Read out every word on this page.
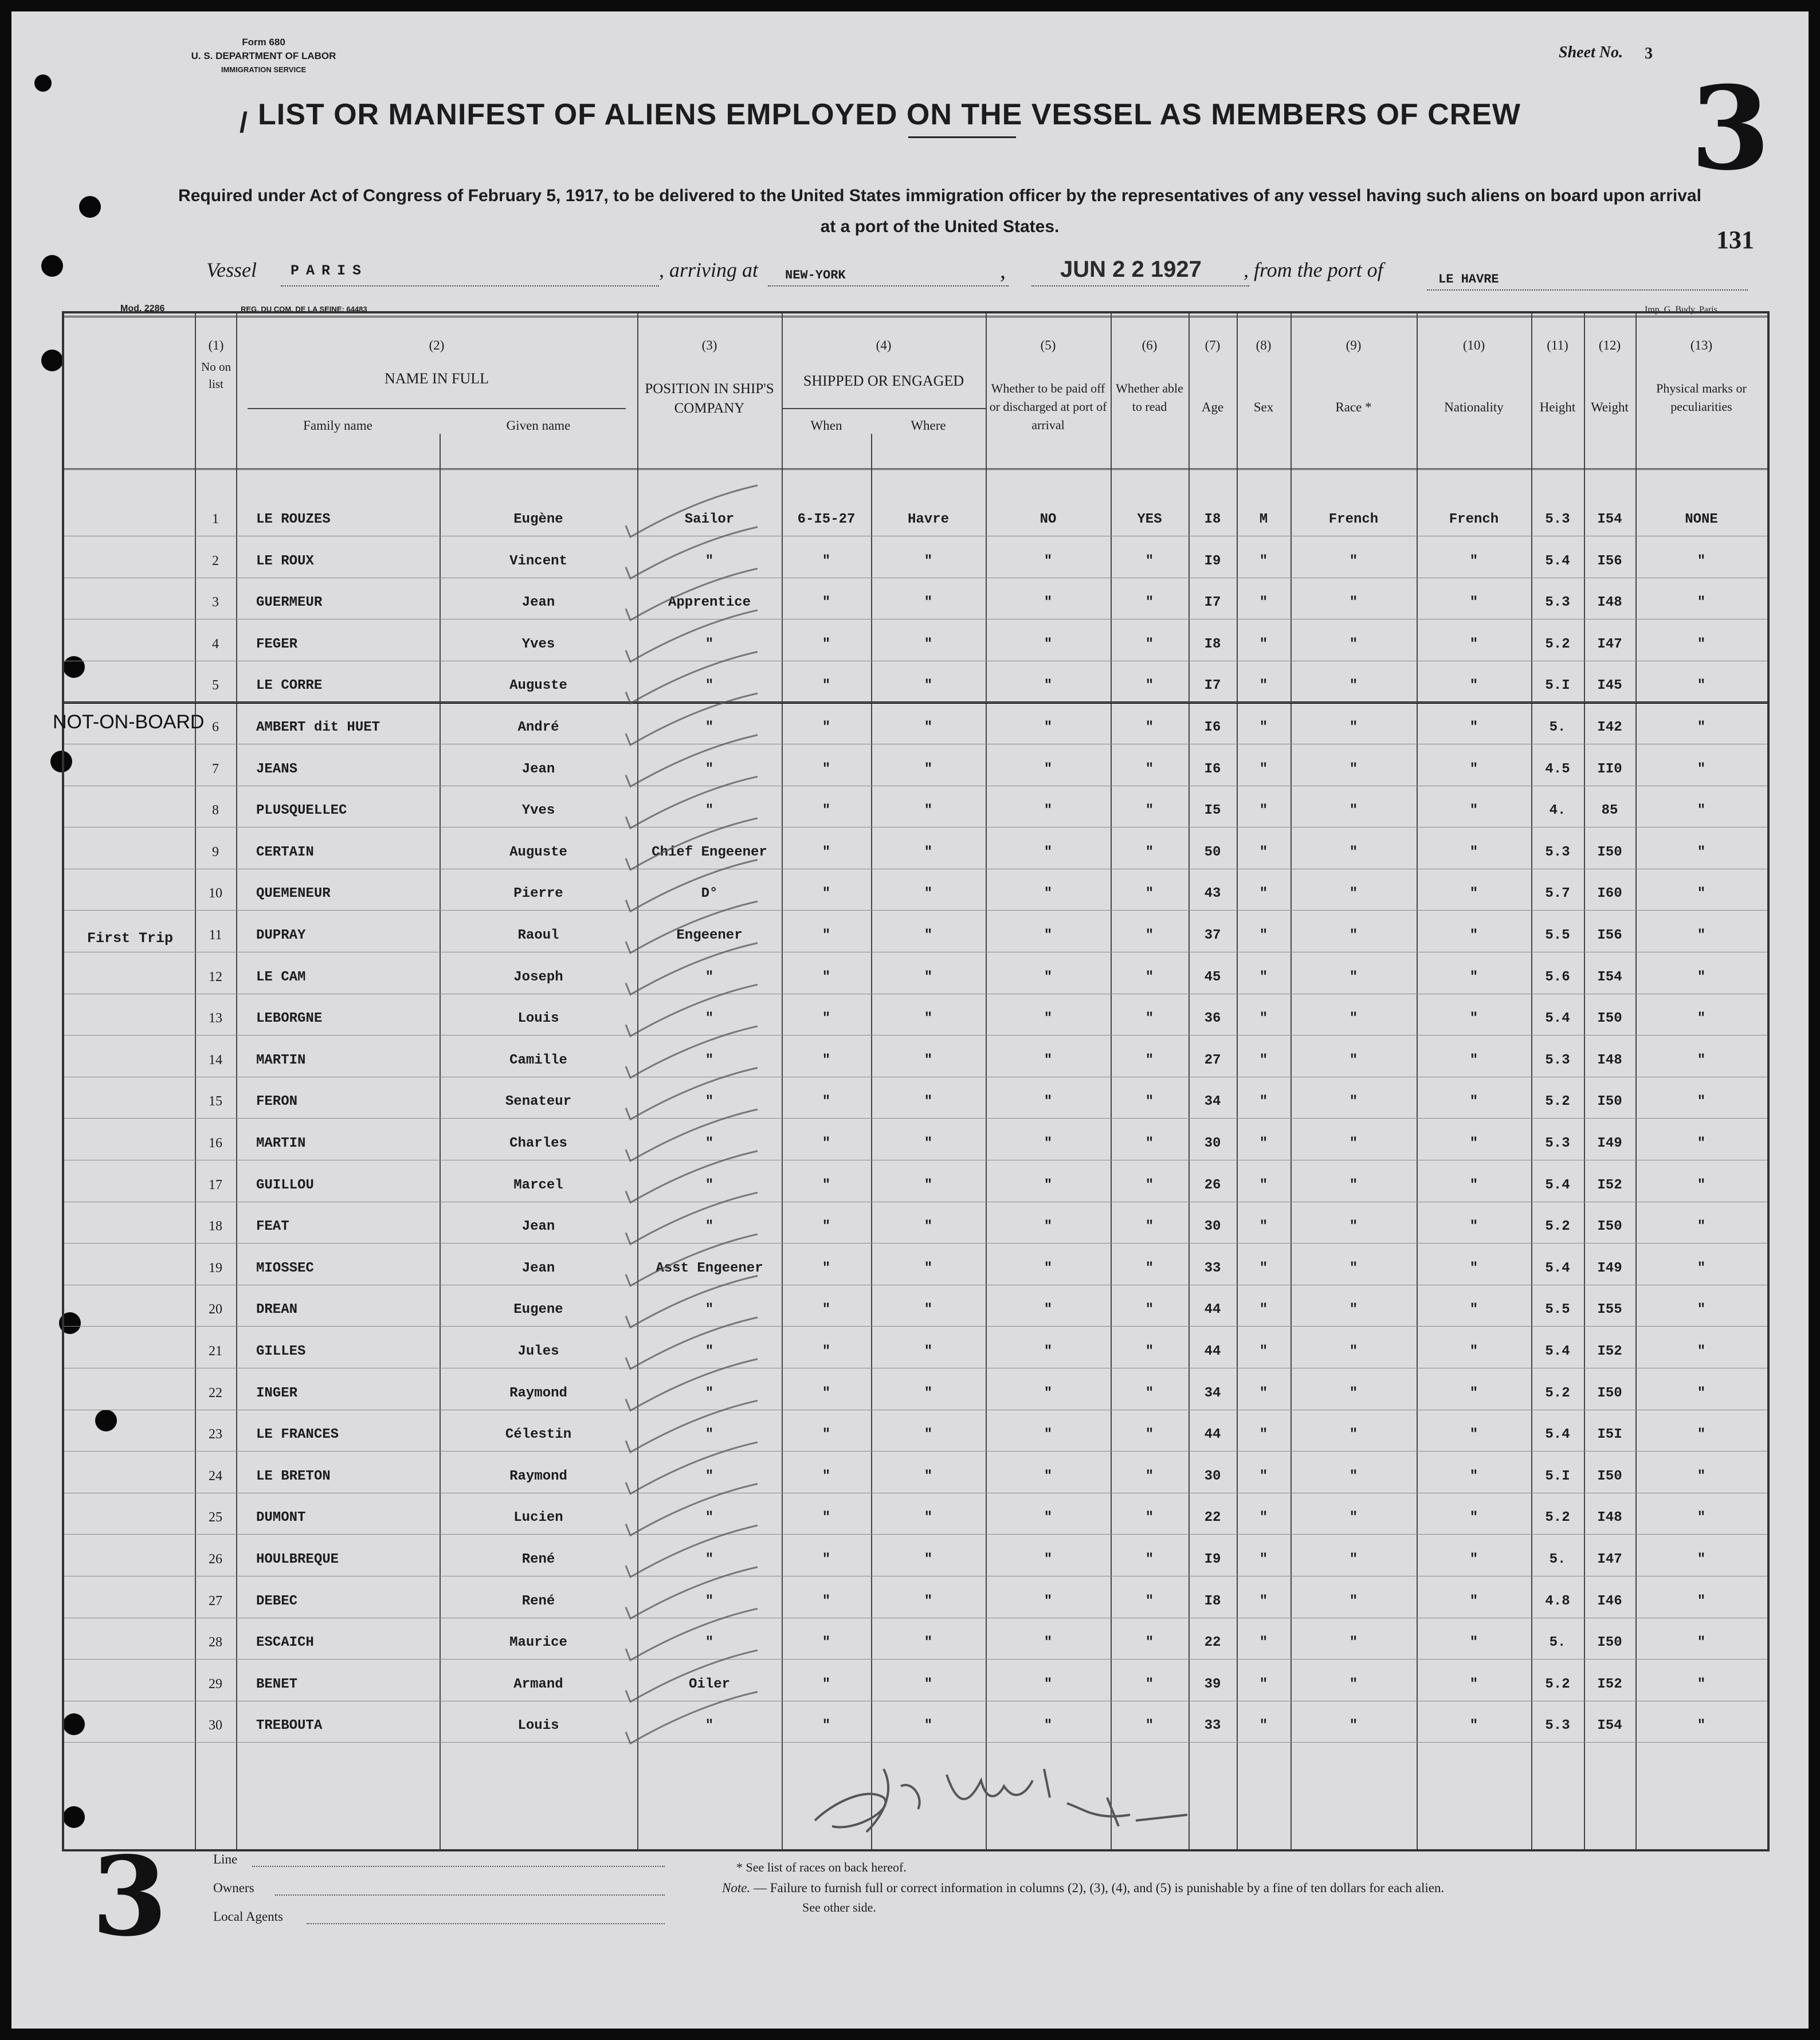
Form 680
U. S. DEPARTMENT OF LABOR
IMMIGRATION SERVICE
Sheet No. 3
3
131
/ LIST OR MANIFEST OF ALIENS EMPLOYED ON THE VESSEL AS MEMBERS OF CREW
Required under Act of Congress of February 5, 1917, to be delivered to the United States immigration officer by the representatives of any vessel having such aliens on board upon arrival at a port of the United States.
Vessel PARIS	, arriving at NEW-YORK	, JUN 2 2 1927 , from the port of	LE HAVRE
Mod. 2286	REG. DU COM. DE LA SEINE: 64483	Imp. G. Budy, Paris
(1)
No on list
(2)
NAME IN FULL
Family name	Given name
(3)
POSITION IN SHIP'S COMPANY
(4)
SHIPPED OR ENGAGED
When	Where
(5)
Whether to be paid off or discharged at port of arrival
(6)
Whether able to read
(7)
Age
(8)
Sex
(9)
Race *
(10)
Nationality
(11)
Height
(12)
Weight
(13)
Physical marks or peculiarities
1	LE ROUZES	Eugène	Sailor	6-I5-27	Havre	NO	YES	I8	M	French	French	5.3	I54	NONE
2	LE ROUX	Vincent	"	"	"	"	"	I9	"	"	"	5.4	I56	"
3	GUERMEUR	Jean	Apprentice	"	"	"	"	I7	"	"	"	5.3	I48	"
4	FEGER	Yves	"	"	"	"	"	I8	"	"	"	5.2	I47	"
5	LE CORRE	Auguste	"	"	"	"	"	I7	"	"	"	5.I	I45	"
6	AMBERT dit HUET	André	"	"	"	"	"	I6	"	"	"	5.	I42	"
7	JEANS	Jean	"	"	"	"	"	I6	"	"	"	4.5	II0	"
8	PLUSQUELLEC	Yves	"	"	"	"	"	I5	"	"	"	4.	85	"
9	CERTAIN	Auguste	Chief Engeener	"	"	"	"	50	"	"	"	5.3	I50	"
10	QUEMENEUR	Pierre	D°	"	"	"	"	43	"	"	"	5.7	I60	"
11	DUPRAY	Raoul	Engeener	"	"	"	"	37	"	"	"	5.5	I56	"
12	LE CAM	Joseph	"	"	"	"	"	45	"	"	"	5.6	I54	"
13	LEBORGNE	Louis	"	"	"	"	"	36	"	"	"	5.4	I50	"
14	MARTIN	Camille	"	"	"	"	"	27	"	"	"	5.3	I48	"
15	FERON	Senateur	"	"	"	"	"	34	"	"	"	5.2	I50	"
16	MARTIN	Charles	"	"	"	"	"	30	"	"	"	5.3	I49	"
17	GUILLOU	Marcel	"	"	"	"	"	26	"	"	"	5.4	I52	"
18	FEAT	Jean	"	"	"	"	"	30	"	"	"	5.2	I50	"
19	MIOSSEC	Jean	Asst Engeener	"	"	"	"	33	"	"	"	5.4	I49	"
20	DREAN	Eugene	"	"	"	"	"	44	"	"	"	5.5	I55	"
21	GILLES	Jules	"	"	"	"	"	44	"	"	"	5.4	I52	"
22	INGER	Raymond	"	"	"	"	"	34	"	"	"	5.2	I50	"
23	LE FRANCES	Célestin	"	"	"	"	"	44	"	"	"	5.4	I5I	"
24	LE BRETON	Raymond	"	"	"	"	"	30	"	"	"	5.I	I50	"
25	DUMONT	Lucien	"	"	"	"	"	22	"	"	"	5.2	I48	"
26	HOULBREQUE	René	"	"	"	"	"	I9	"	"	"	5.	I47	"
27	DEBEC	René	"	"	"	"	"	I8	"	"	"	4.8	I46	"
28	ESCAICH	Maurice	"	"	"	"	"	22	"	"	"	5.	I50	"
29	BENET	Armand	Oiler	"	"	"	"	39	"	"	"	5.2	I52	"
30	TREBOUTA	Louis	"	"	"	"	"	33	"	"	"	5.3	I54	"
NOT-ON-BOARD
First Trip
3	Line
Owners
Local Agents
* See list of races on back hereof.
Note. — Failure to furnish full or correct information in columns (2), (3), (4), and (5) is punishable by a fine of ten dollars for each alien.
See other side.
